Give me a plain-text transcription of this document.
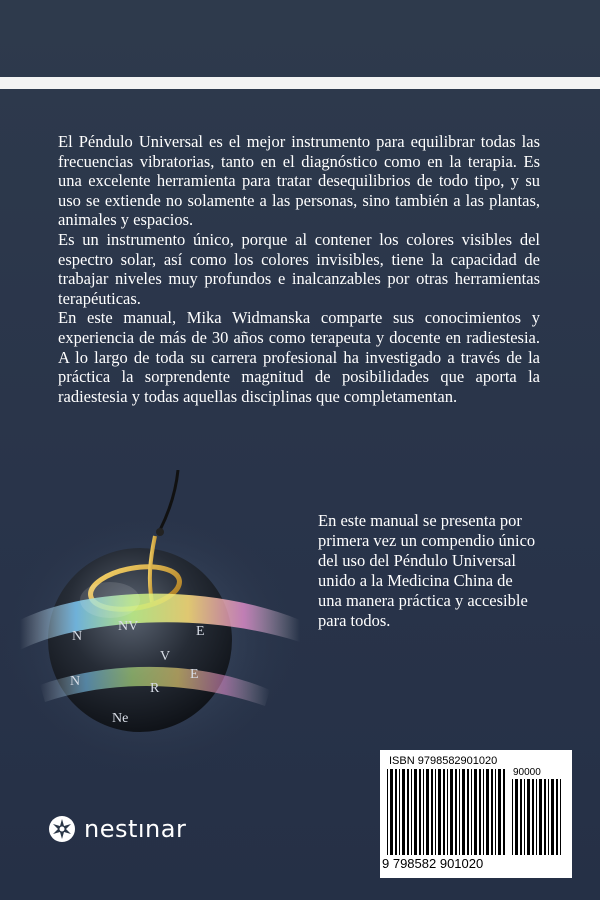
El Péndulo Universal es el mejor instrumento para equilibrar todas las frecuencias vibratorias, tanto en el diagnóstico como en la terapia. Es una excelente herramienta para tratar desequilibrios de todo tipo, y su uso se extiende no solamente a las personas, sino también a las plantas, animales y espacios.

Es un instrumento único, porque al contener los colores visibles del espectro solar, así como los colores invisibles, tiene la capacidad de trabajar niveles muy profundos e inalcanzables por otras herramientas terapéuticas.

En este manual, Mika Widmanska comparte sus conocimientos y experiencia de más de 30 años como terapeuta y docente en radiestesia. A lo largo de toda su carrera profesional ha investigado a través de la práctica la sorprendente magnitud de posibilidades que aporta la radiestesia y todas aquellas disciplinas que completamentan.

N
NV	E
R
N
Ne
E
V
En este manual se presenta por primera vez un compendio único del uso del Péndulo Universal unido a la Medicina China de una manera práctica y accesible para todos.
nestınar
ISBN 9798582901020
90000
9 798582 901020
